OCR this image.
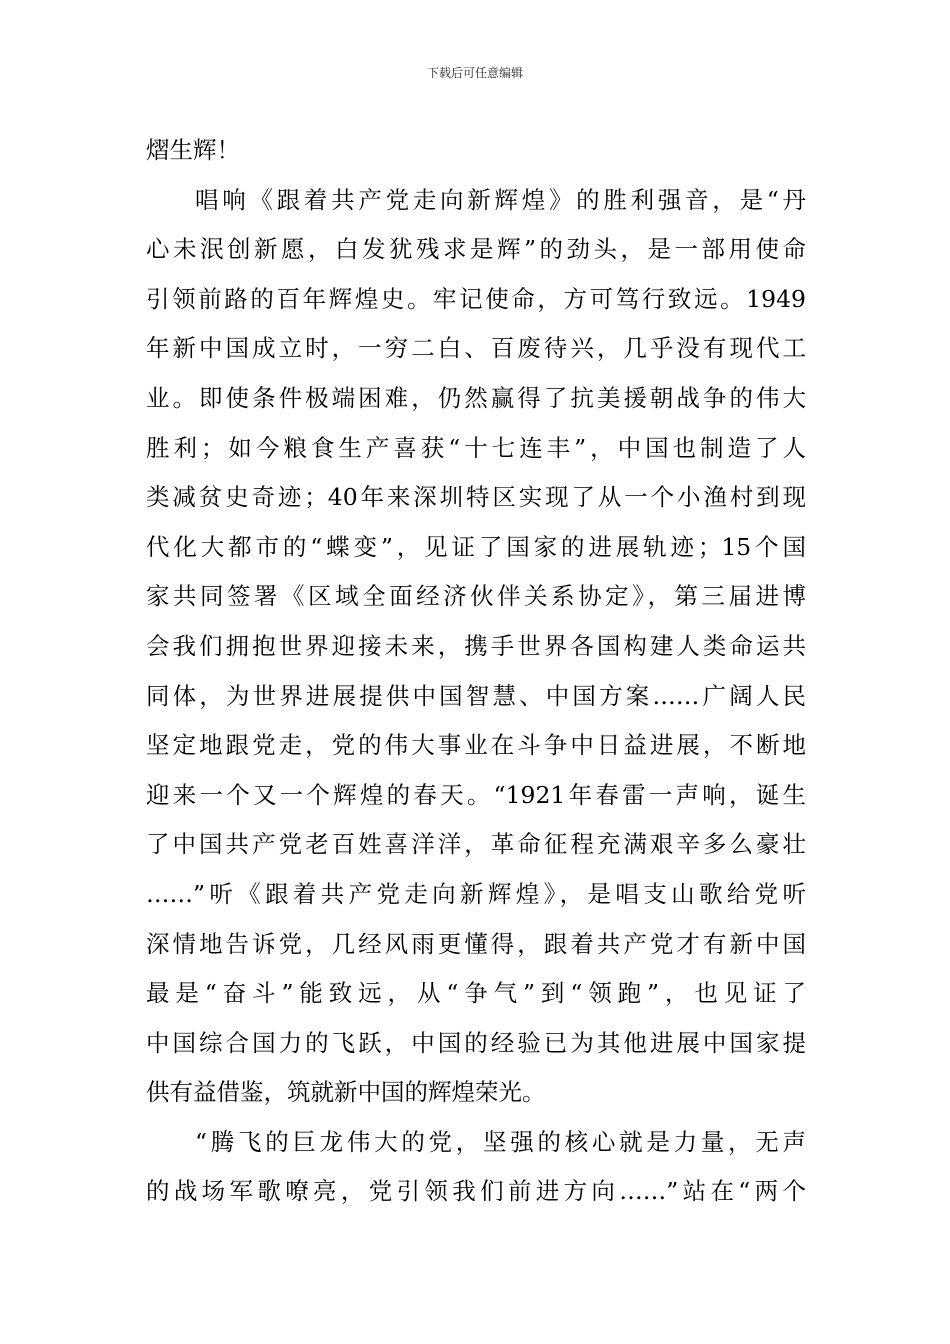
下载后可任意编辑
熠生辉！
唱响《跟着共产党走向新辉煌》的胜利强音，是“丹
心未泯创新愿，白发犹残求是辉”的劲头，是一部用使命
引领前路的百年辉煌史。牢记使命，方可笃行致远。1949
年新中国成立时，一穷二白、百废待兴，几乎没有现代工
业。即使条件极端困难，仍然赢得了抗美援朝战争的伟大
胜利；如今粮食生产喜获“十七连丰”，中国也制造了人
类减贫史奇迹；40年来深圳特区实现了从一个小渔村到现
代化大都市的“蝶变”，见证了国家的进展轨迹；15个国
家共同签署《区域全面经济伙伴关系协定》，第三届进博
会我们拥抱世界迎接未来，携手世界各国构建人类命运共
同体，为世界进展提供中国智慧、中国方案……广阔人民
坚定地跟党走，党的伟大事业在斗争中日益进展，不断地
迎来一个又一个辉煌的春天。“1921年春雷一声响，诞生
了中国共产党老百姓喜洋洋，革命征程充满艰辛多么豪壮
……”听《跟着共产党走向新辉煌》，是唱支山歌给党听
深情地告诉党，几经风雨更懂得，跟着共产党才有新中国
最是“奋斗”能致远，从“争气”到“领跑”，也见证了
中国综合国力的飞跃，中国的经验已为其他进展中国家提
供有益借鉴，筑就新中国的辉煌荣光。
“腾飞的巨龙伟大的党，坚强的核心就是力量，无声
的战场军歌嘹亮，党引领我们前进方向……”站在“两个
